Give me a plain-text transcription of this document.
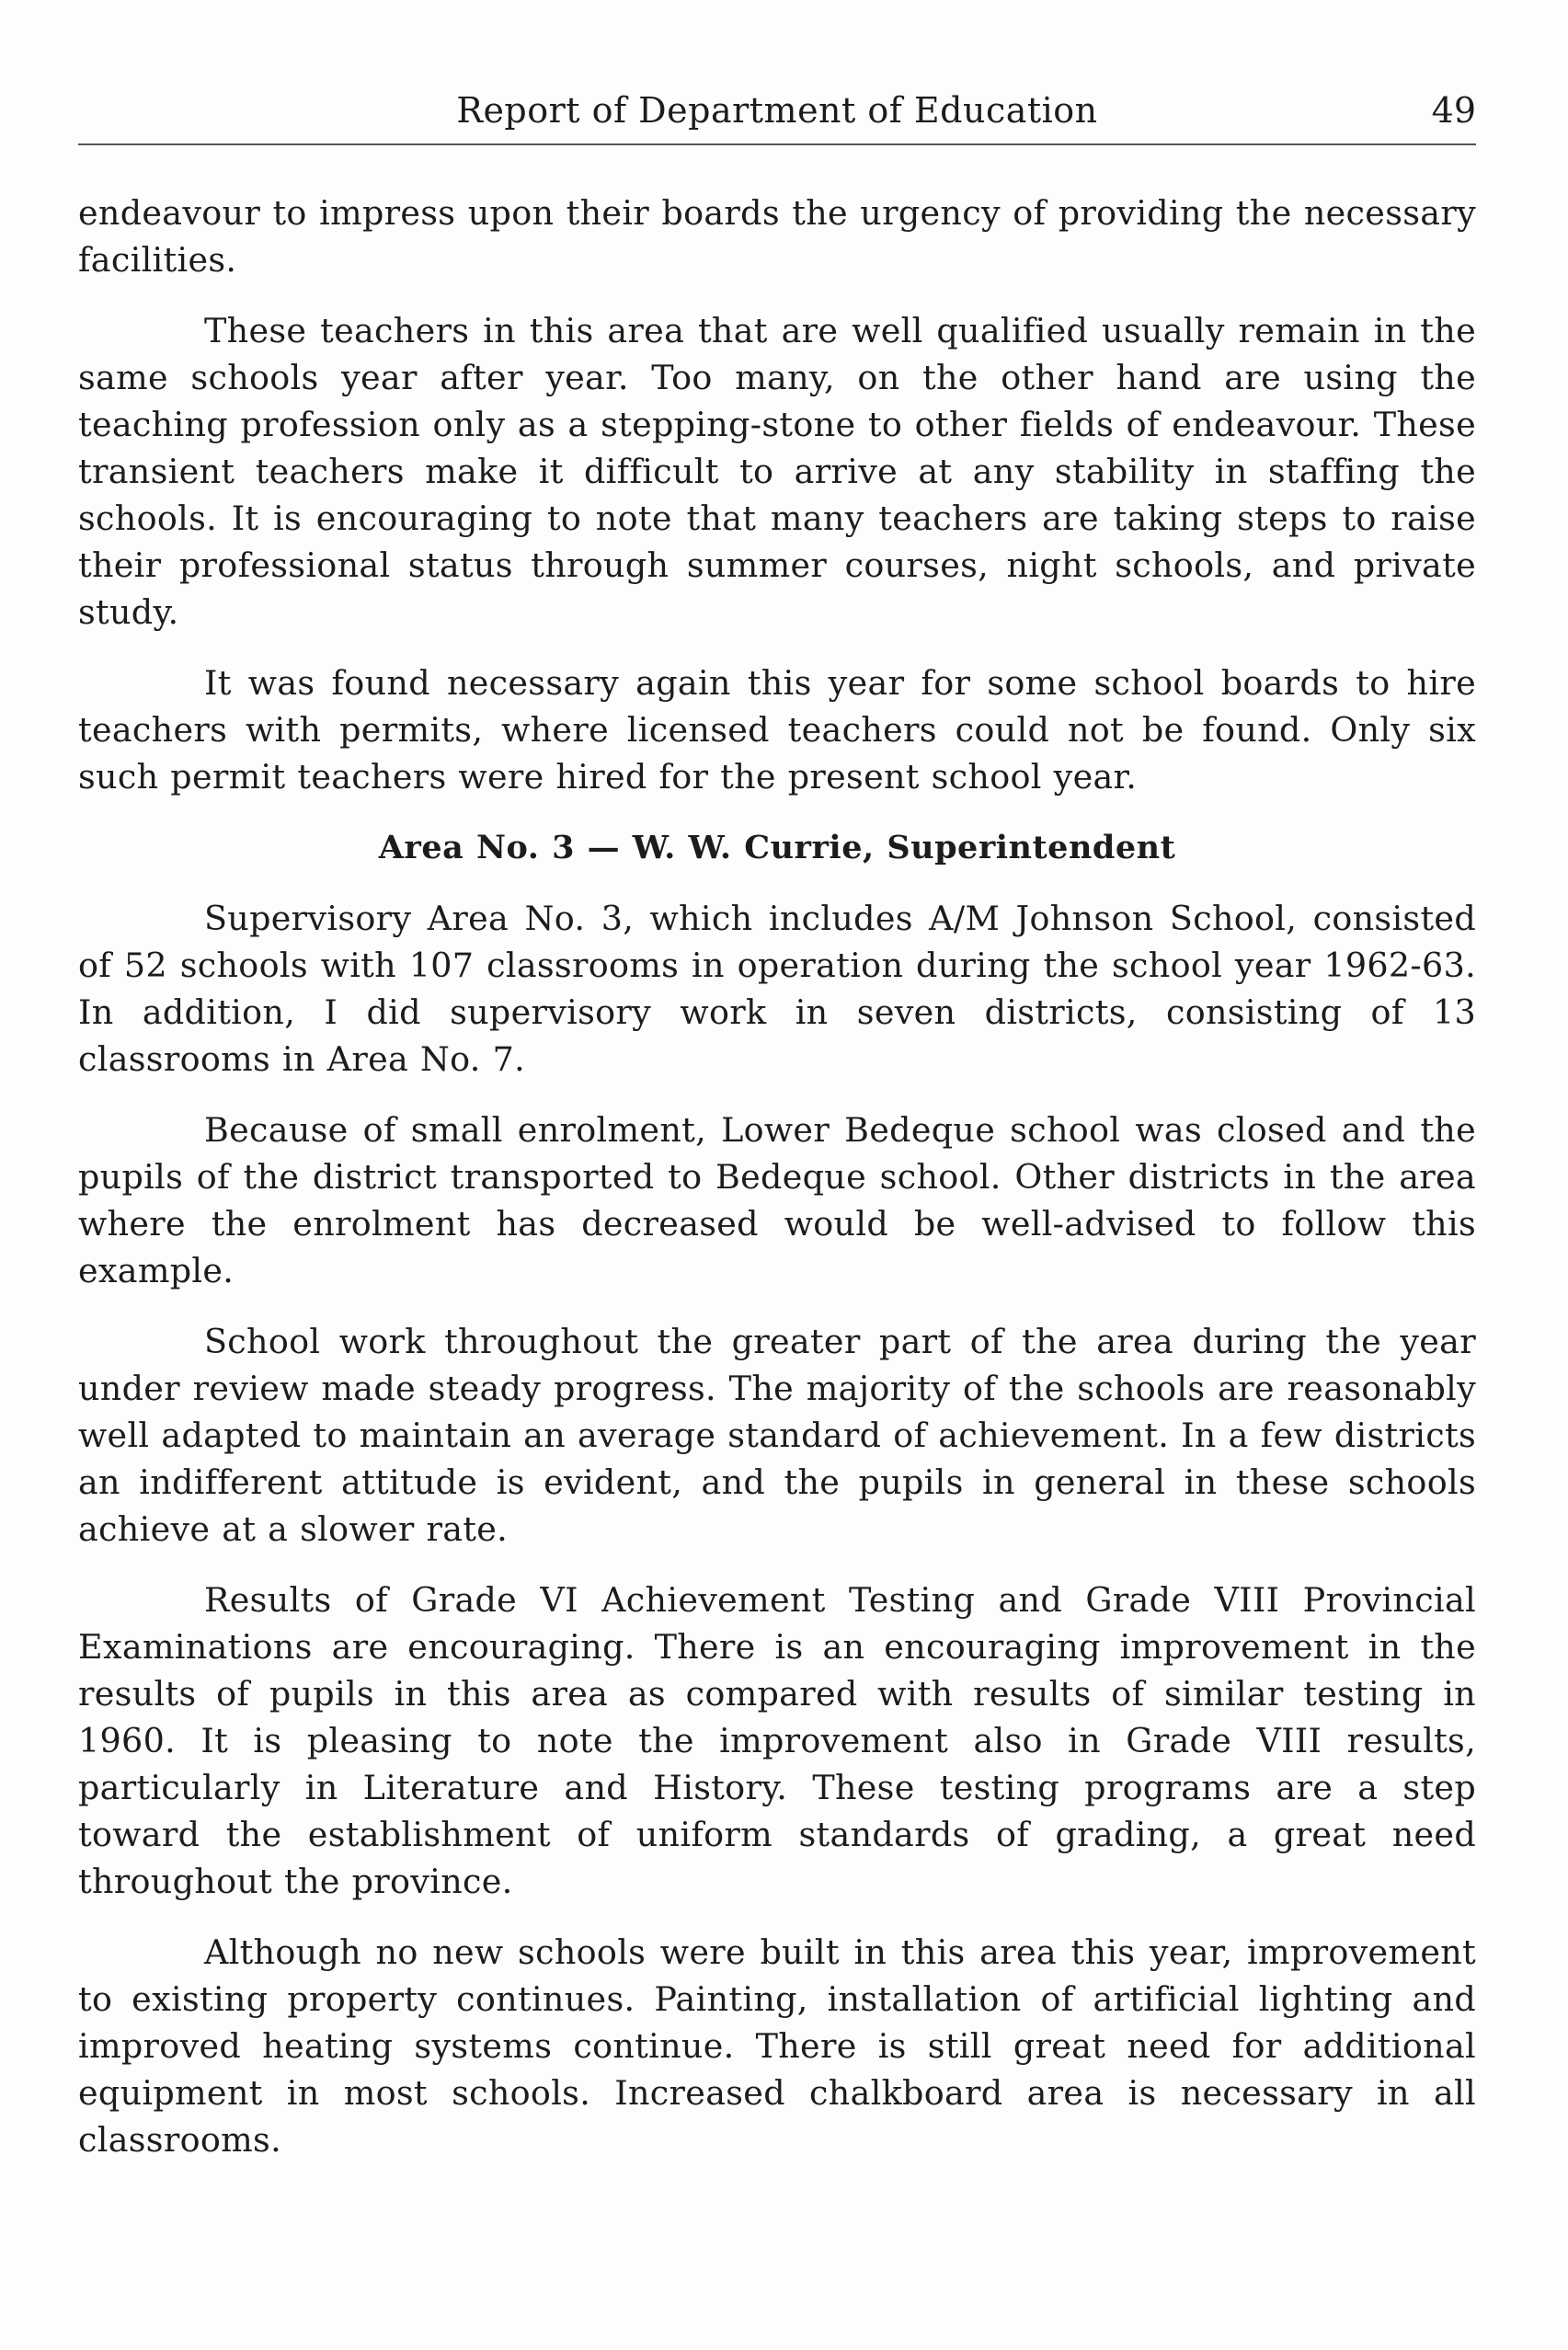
Report of Department of Education	49

endeavour to impress upon their boards the urgency of providing the necessary facilities.

These teachers in this area that are well qualified usually remain in the same schools year after year. Too many, on the other hand are using the teaching profession only as a stepping-stone to other fields of endeavour. These transient teachers make it difficult to arrive at any stability in staffing the schools. It is encouraging to note that many teachers are taking steps to raise their professional status through summer courses, night schools, and private study.

It was found necessary again this year for some school boards to hire teachers with permits, where licensed teachers could not be found. Only six such permit teachers were hired for the present school year.

Area No. 3 — W. W. Currie, Superintendent

Supervisory Area No. 3, which includes A/M Johnson School, consisted of 52 schools with 107 classrooms in operation during the school year 1962-63. In addition, I did supervisory work in seven districts, consisting of 13 classrooms in Area No. 7.

Because of small enrolment, Lower Bedeque school was closed and the pupils of the district transported to Bedeque school. Other districts in the area where the enrolment has decreased would be well-advised to follow this example.

School work throughout the greater part of the area during the year under review made steady progress. The majority of the schools are reasonably well adapted to maintain an average standard of achievement. In a few districts an indifferent attitude is evident, and the pupils in general in these schools achieve at a slower rate.

Results of Grade VI Achievement Testing and Grade VIII Provincial Examinations are encouraging. There is an encouraging improvement in the results of pupils in this area as compared with results of similar testing in 1960. It is pleasing to note the improvement also in Grade VIII results, particularly in Literature and History. These testing programs are a step toward the establishment of uniform standards of grading, a great need throughout the province.

Although no new schools were built in this area this year, improvement to existing property continues. Painting, installation of artificial lighting and improved heating systems continue. There is still great need for additional equipment in most schools. Increased chalkboard area is necessary in all classrooms.
